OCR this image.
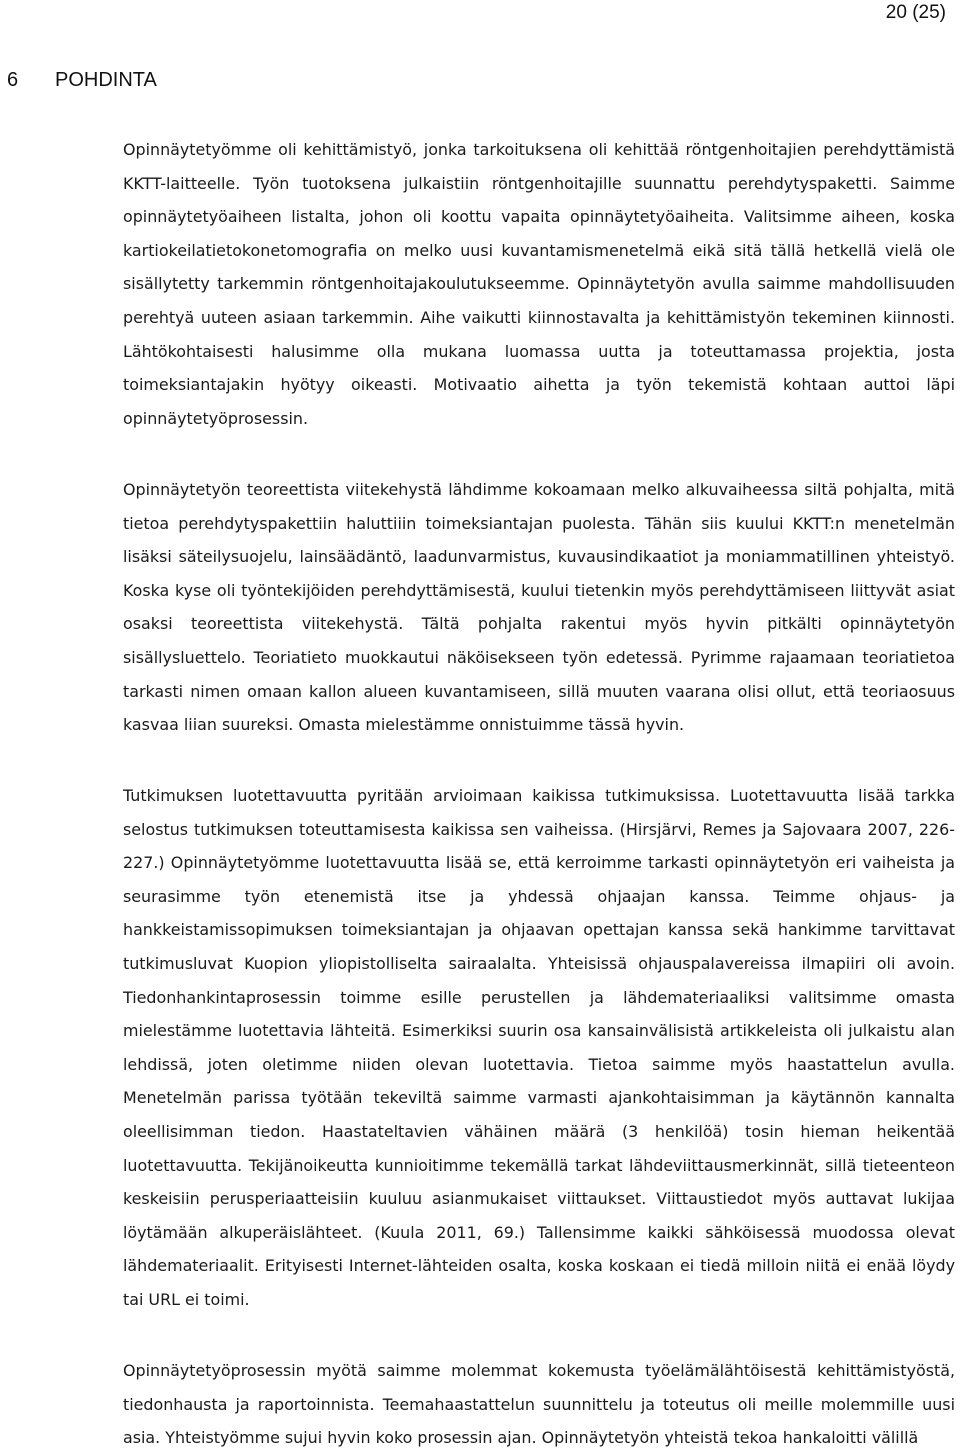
20 (25)
6 POHDINTA

Opinnäytetyömme oli kehittämistyö, jonka tarkoituksena oli kehittää röntgenhoitajien perehdyttämistä KKTT-laitteelle. Työn tuotoksena julkaistiin röntgenhoitajille suunnattu perehdytyspaketti. Saimme opinnäytetyöaiheen listalta, johon oli koottu vapaita opinnäytetyöaiheita. Valitsimme aiheen, koska kartiokeilatietokonetomografia on melko uusi kuvantamismenetelmä eikä sitä tällä hetkellä vielä ole sisällytetty tarkemmin röntgenhoitajakoulutukseemme. Opinnäytetyön avulla saimme mahdollisuuden perehtyä uuteen asiaan tarkemmin. Aihe vaikutti kiinnostavalta ja kehittämistyön tekeminen kiinnosti. Lähtökohtaisesti halusimme olla mukana luomassa uutta ja toteuttamassa projektia, josta toimeksiantajakin hyötyy oikeasti. Motivaatio aihetta ja työn tekemistä kohtaan auttoi läpi opinnäytetyöprosessin.

Opinnäytetyön teoreettista viitekehystä lähdimme kokoamaan melko alkuvaiheessa siltä pohjalta, mitä tietoa perehdytyspakettiin haluttiiin toimeksiantajan puolesta. Tähän siis kuului KKTT:n menetelmän lisäksi säteilysuojelu, lainsäädäntö, laadunvarmistus, kuvausindikaatiot ja moniammatillinen yhteistyö. Koska kyse oli työntekijöiden perehdyttämisestä, kuului tietenkin myös perehdyttämiseen liittyvät asiat osaksi teoreettista viitekehystä. Tältä pohjalta rakentui myös hyvin pitkälti opinnäytetyön sisällysluettelo. Teoriatieto muokkautui näköisekseen työn edetessä. Pyrimme rajaamaan teoriatietoa tarkasti nimen omaan kallon alueen kuvantamiseen, sillä muuten vaarana olisi ollut, että teoriaosuus kasvaa liian suureksi. Omasta mielestämme onnistuimme tässä hyvin.

Tutkimuksen luotettavuutta pyritään arvioimaan kaikissa tutkimuksissa. Luotettavuutta lisää tarkka selostus tutkimuksen toteuttamisesta kaikissa sen vaiheissa. (Hirsjärvi, Remes ja Sajovaara 2007, 226-227.) Opinnäytetyömme luotettavuutta lisää se, että kerroimme tarkasti opinnäytetyön eri vaiheista ja seurasimme työn etenemistä itse ja yhdessä ohjaajan kanssa. Teimme ohjaus- ja hankkeistamissopimuksen toimeksiantajan ja ohjaavan opettajan kanssa sekä hankimme tarvittavat tutkimusluvat Kuopion yliopistolliselta sairaalalta. Yhteisissä ohjauspalavereissa ilmapiiri oli avoin. Tiedonhankintaprosessin toimme esille perustellen ja lähdemateriaaliksi valitsimme omasta mielestämme luotettavia lähteitä. Esimerkiksi suurin osa kansainvälisistä artikkeleista oli julkaistu alan lehdissä, joten oletimme niiden olevan luotettavia. Tietoa saimme myös haastattelun avulla. Menetelmän parissa työtään tekeviltä saimme varmasti ajankohtaisimman ja käytännön kannalta oleellisimman tiedon. Haastateltavien vähäinen määrä (3 henkilöä) tosin hieman heikentää luotettavuutta. Tekijänoikeutta kunnioitimme tekemällä tarkat lähdeviittausmerkinnät, sillä tieteenteon keskeisiin perusperiaatteisiin kuuluu asianmukaiset viittaukset. Viittaustiedot myös auttavat lukijaa löytämään alkuperäislähteet. (Kuula 2011, 69.) Tallensimme kaikki sähköisessä muodossa olevat lähdemateriaalit. Erityisesti Internet-lähteiden osalta, koska koskaan ei tiedä milloin niitä ei enää löydy tai URL ei toimi.

Opinnäytetyöprosessin myötä saimme molemmat kokemusta työelämälähtöisestä kehittämistyöstä, tiedonhausta ja raportoinnista. Teemahaastattelun suunnittelu ja toteutus oli meille molemmille uusi asia. Yhteistyömme sujui hyvin koko prosessin ajan. Opinnäytetyön yhteistä tekoa hankaloitti välillä
